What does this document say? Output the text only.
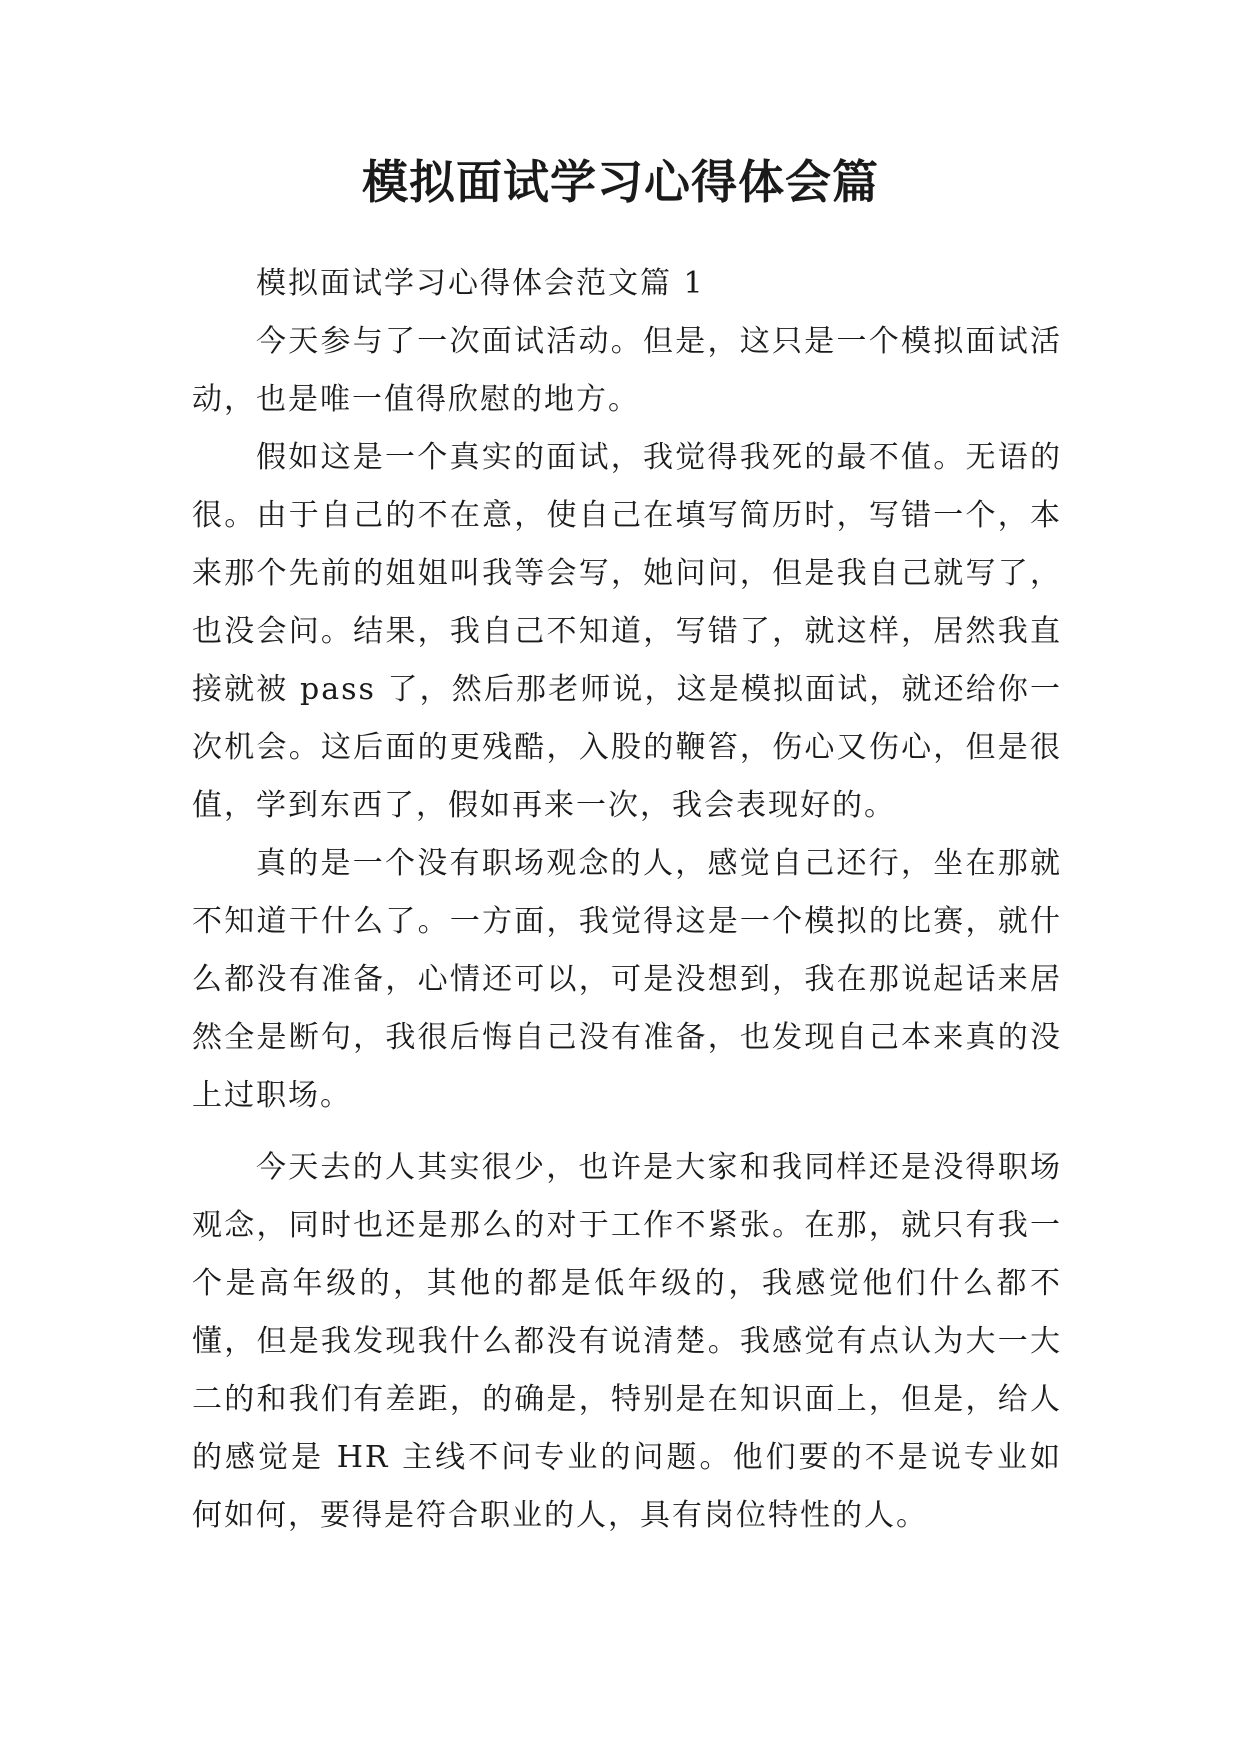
模拟面试学习心得体会篇

模拟面试学习心得体会范文篇 1

今天参与了一次面试活动。但是，这只是一个模拟面试活动，也是唯一值得欣慰的地方。

假如这是一个真实的面试，我觉得我死的最不值。无语的很。由于自己的不在意，使自己在填写简历时，写错一个，本来那个先前的姐姐叫我等会写，她问问，但是我自己就写了，也没会问。结果，我自己不知道，写错了，就这样，居然我直接就被 pass 了，然后那老师说，这是模拟面试，就还给你一次机会。这后面的更残酷，入股的鞭笞，伤心又伤心，但是很值，学到东西了，假如再来一次，我会表现好的。

真的是一个没有职场观念的人，感觉自己还行，坐在那就不知道干什么了。一方面，我觉得这是一个模拟的比赛，就什么都没有准备，心情还可以，可是没想到，我在那说起话来居然全是断句，我很后悔自己没有准备，也发现自己本来真的没上过职场。

今天去的人其实很少，也许是大家和我同样还是没得职场观念，同时也还是那么的对于工作不紧张。在那，就只有我一个是高年级的，其他的都是低年级的，我感觉他们什么都不懂，但是我发现我什么都没有说清楚。我感觉有点认为大一大二的和我们有差距，的确是，特别是在知识面上，但是，给人的感觉是 HR 主线不问专业的问题。他们要的不是说专业如何如何，要得是符合职业的人，具有岗位特性的人。
